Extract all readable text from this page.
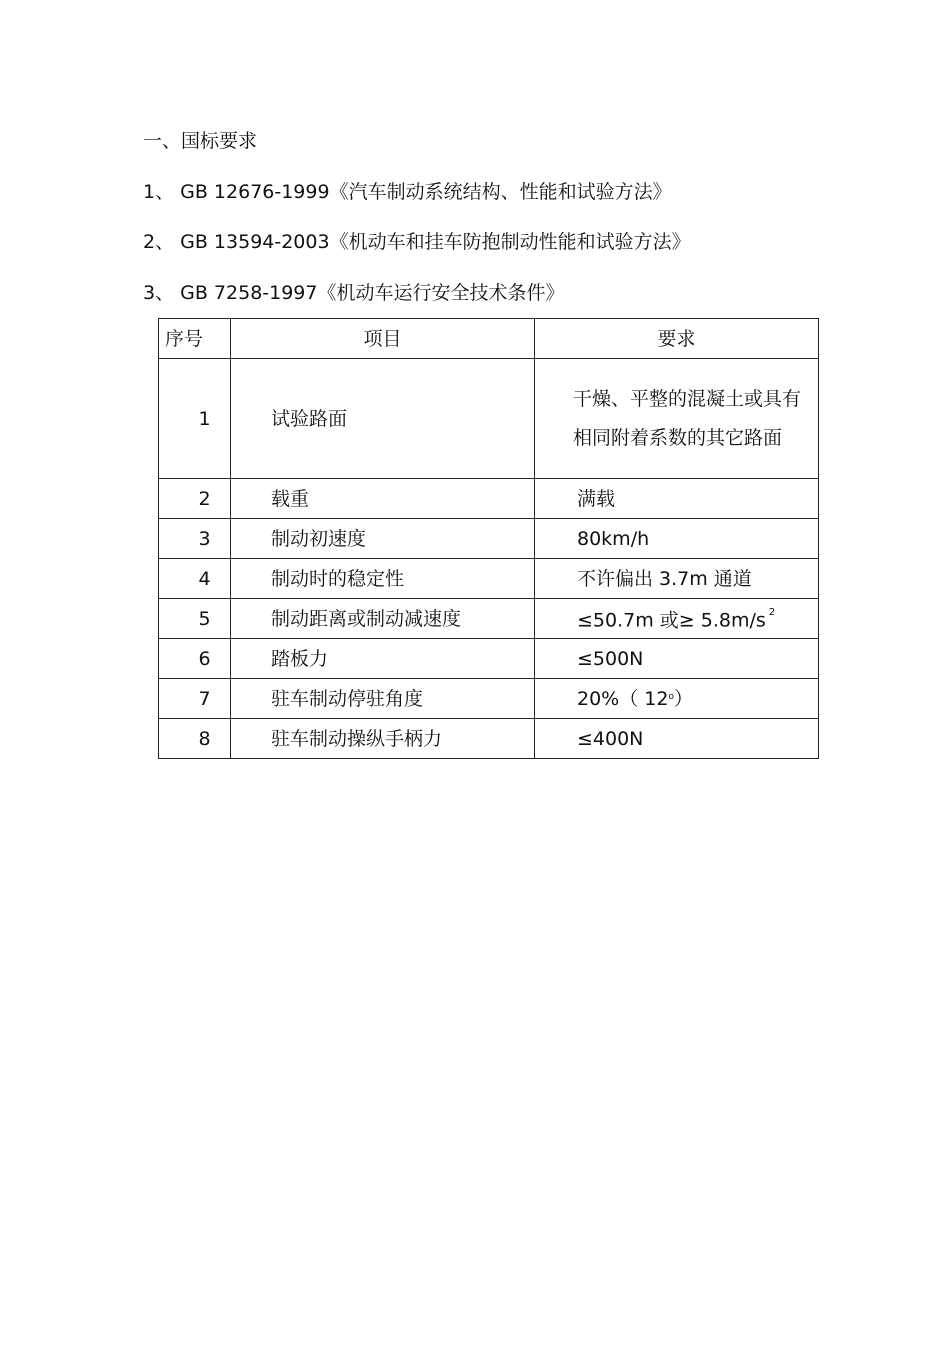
一、国标要求
1、 GB 12676-1999《汽车制动系统结构、性能和试验方法》
2、 GB 13594-2003《机动车和挂车防抱制动性能和试验方法》
3、 GB 7258-1997《机动车运行安全技术条件》
序号	项目	要求
1	试验路面	干燥、平整的混凝土或具有相同附着系数的其它路面
2	载重	满载
3	制动初速度	80km/h
4	制动时的稳定性	不许偏出 3.7m 通道
5	制动距离或制动减速度	≤50.7m 或≥ 5.8m/s $^2$
6	踏板力	≤500N
7	驻车制动停驻角度	20%（ 12$^o$）
8	驻车制动操纵手柄力	≤400N
